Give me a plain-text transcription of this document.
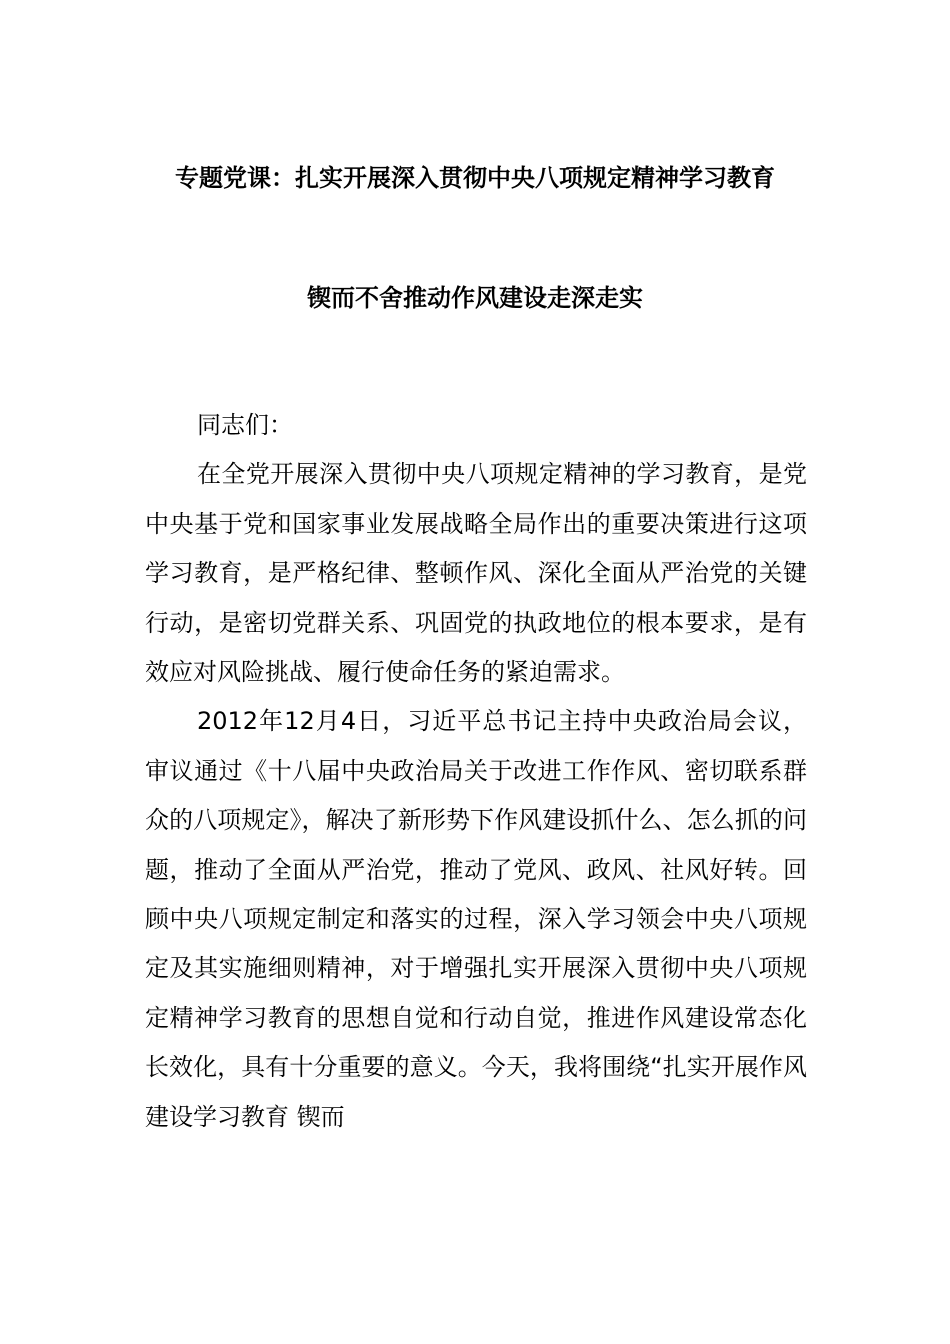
专题党课：扎实开展深入贯彻中央八项规定精神学习教育
锲而不舍推动作风建设走深走实

同志们：

在全党开展深入贯彻中央八项规定精神的学习教育，是党中央基于党和国家事业发展战略全局作出的重要决策进行这项学习教育，是严格纪律、整顿作风、深化全面从严治党的关键行动，是密切党群关系、巩固党的执政地位的根本要求，是有效应对风险挑战、履行使命任务的紧迫需求。

2012年12月4日，习近平总书记主持中央政治局会议，审议通过《十八届中央政治局关于改进工作作风、密切联系群众的八项规定》，解决了新形势下作风建设抓什么、怎么抓的问题，推动了全面从严治党，推动了党风、政风、社风好转。回顾中央八项规定制定和落实的过程，深入学习领会中央八项规定及其实施细则精神，对于增强扎实开展深入贯彻中央八项规定精神学习教育的思想自觉和行动自觉，推进作风建设常态化长效化，具有十分重要的意义。今天，我将围绕“扎实开展作风建设学习教育 锲而
